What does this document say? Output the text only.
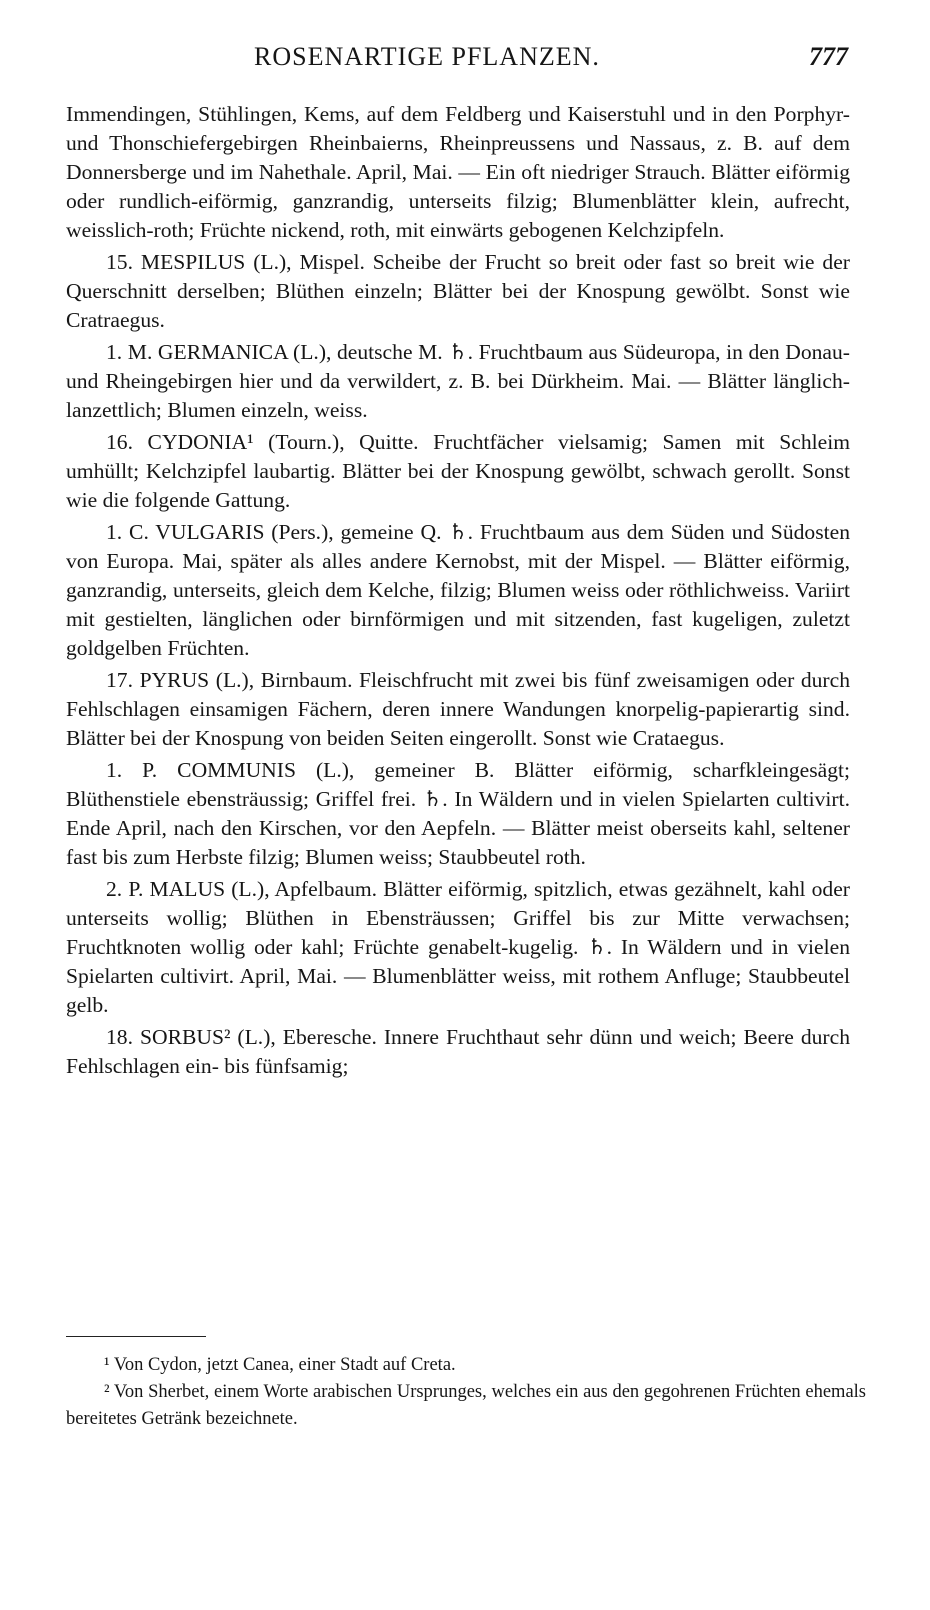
ROSENARTIGE PFLANZEN.	777

Immendingen, Stühlingen, Kems, auf dem Feldberg und Kaiserstuhl und in den Porphyr- und Thonschiefergebirgen Rheinbaierns, Rheinpreussens und Nassaus, z. B. auf dem Donnersberge und im Nahethale. April, Mai. — Ein oft niedriger Strauch. Blätter eiförmig oder rundlich-eiförmig, ganzrandig, unterseits filzig; Blumenblätter klein, aufrecht, weisslich-roth; Früchte nickend, roth, mit einwärts gebogenen Kelchzipfeln.

15. MESPILUS (L.), Mispel. Scheibe der Frucht so breit oder fast so breit wie der Querschnitt derselben; Blüthen einzeln; Blätter bei der Knospung gewölbt. Sonst wie Cratraegus.

1. M. GERMANICA (L.), deutsche M. ♄. Fruchtbaum aus Südeuropa, in den Donau- und Rheingebirgen hier und da verwildert, z. B. bei Dürkheim. Mai. — Blätter länglich-lanzettlich; Blumen einzeln, weiss.

16. CYDONIA¹ (Tourn.), Quitte. Fruchtfächer vielsamig; Samen mit Schleim umhüllt; Kelchzipfel laubartig. Blätter bei der Knospung gewölbt, schwach gerollt. Sonst wie die folgende Gattung.

1. C. VULGARIS (Pers.), gemeine Q. ♄. Fruchtbaum aus dem Süden und Südosten von Europa. Mai, später als alles andere Kernobst, mit der Mispel. — Blätter eiförmig, ganzrandig, unterseits, gleich dem Kelche, filzig; Blumen weiss oder röthlichweiss. Variirt mit gestielten, länglichen oder birnförmigen und mit sitzenden, fast kugeligen, zuletzt goldgelben Früchten.

17. PYRUS (L.), Birnbaum. Fleischfrucht mit zwei bis fünf zweisamigen oder durch Fehlschlagen einsamigen Fächern, deren innere Wandungen knorpelig-papierartig sind. Blätter bei der Knospung von beiden Seiten eingerollt. Sonst wie Crataegus.

1. P. COMMUNIS (L.), gemeiner B. Blätter eiförmig, scharfkleingesägt; Blüthenstiele ebensträussig; Griffel frei. ♄. In Wäldern und in vielen Spielarten cultivirt. Ende April, nach den Kirschen, vor den Aepfeln. — Blätter meist oberseits kahl, seltener fast bis zum Herbste filzig; Blumen weiss; Staubbeutel roth.

2. P. MALUS (L.), Apfelbaum. Blätter eiförmig, spitzlich, etwas gezähnelt, kahl oder unterseits wollig; Blüthen in Ebensträussen; Griffel bis zur Mitte verwachsen; Fruchtknoten wollig oder kahl; Früchte genabelt-kugelig. ♄. In Wäldern und in vielen Spielarten cultivirt. April, Mai. — Blumenblätter weiss, mit rothem Anfluge; Staubbeutel gelb.

18. SORBUS² (L.), Eberesche. Innere Fruchthaut sehr dünn und weich; Beere durch Fehlschlagen ein- bis fünfsamig;

¹ Von Cydon, jetzt Canea, einer Stadt auf Creta.

² Von Sherbet, einem Worte arabischen Ursprunges, welches ein aus den gegohrenen Früchten ehemals bereitetes Getränk bezeichnete.
